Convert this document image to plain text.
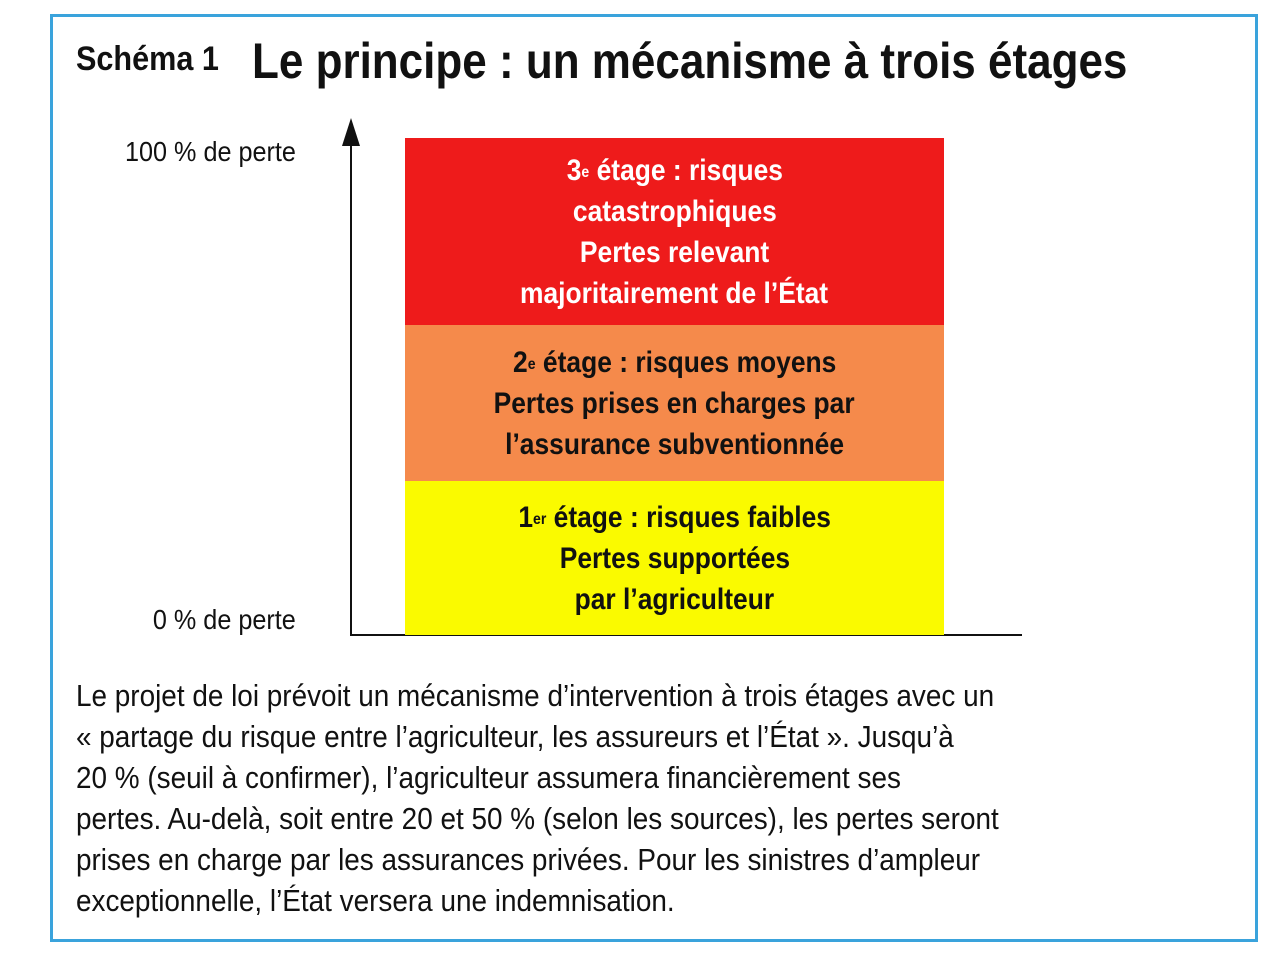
Schéma 1 Le principe : un mécanisme à trois étages
100 % de perte
0 % de perte
3e étage : risques
catastrophiques
Pertes relevant
majoritairement de l’État
2e étage : risques moyens
Pertes prises en charges par
l’assurance subventionnée
1er étage : risques faibles
Pertes supportées
par l’agriculteur
Le projet de loi prévoit un mécanisme d’intervention à trois étages avec un
« partage du risque entre l’agriculteur, les assureurs et l’État ». Jusqu’à
20 % (seuil à confirmer), l’agriculteur assumera financièrement ses
pertes. Au-delà, soit entre 20 et 50 % (selon les sources), les pertes seront
prises en charge par les assurances privées. Pour les sinistres d’ampleur
exceptionnelle, l’État versera une indemnisation.
